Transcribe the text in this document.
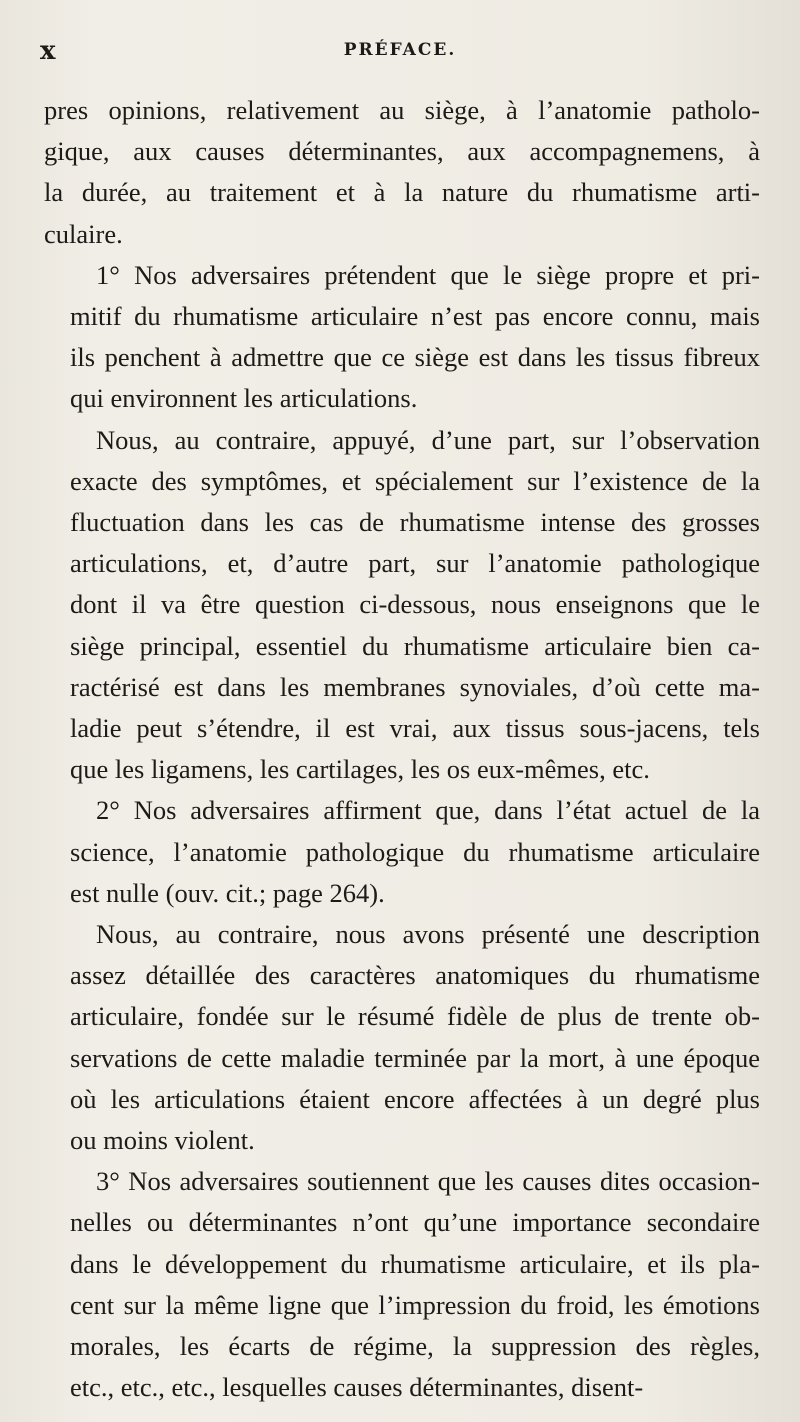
x	PRÉFACE.
pres opinions, relativement au siège, à l’anatomie patholo-
gique, aux causes déterminantes, aux accompagnemens, à
la durée, au traitement et à la nature du rhumatisme arti-
culaire.
1° Nos adversaires prétendent que le siège propre et pri-
mitif du rhumatisme articulaire n’est pas encore connu, mais
ils penchent à admettre que ce siège est dans les tissus fibreux
qui environnent les articulations.
Nous, au contraire, appuyé, d’une part, sur l’observation
exacte des symptômes, et spécialement sur l’existence de la
fluctuation dans les cas de rhumatisme intense des grosses
articulations, et, d’autre part, sur l’anatomie pathologique
dont il va être question ci-dessous, nous enseignons que le
siège principal, essentiel du rhumatisme articulaire bien ca-
ractérisé est dans les membranes synoviales, d’où cette ma-
ladie peut s’étendre, il est vrai, aux tissus sous-jacens, tels
que les ligamens, les cartilages, les os eux-mêmes, etc.
2° Nos adversaires affirment que, dans l’état actuel de la
science, l’anatomie pathologique du rhumatisme articulaire
est nulle (ouv. cit.; page 264).
Nous, au contraire, nous avons présenté une description
assez détaillée des caractères anatomiques du rhumatisme
articulaire, fondée sur le résumé fidèle de plus de trente ob-
servations de cette maladie terminée par la mort, à une époque
où les articulations étaient encore affectées à un degré plus
ou moins violent.
3° Nos adversaires soutiennent que les causes dites occasion-
nelles ou déterminantes n’ont qu’une importance secondaire
dans le développement du rhumatisme articulaire, et ils pla-
cent sur la même ligne que l’impression du froid, les émotions
morales, les écarts de régime, la suppression des règles,
etc., etc., etc., lesquelles causes déterminantes, disent-
